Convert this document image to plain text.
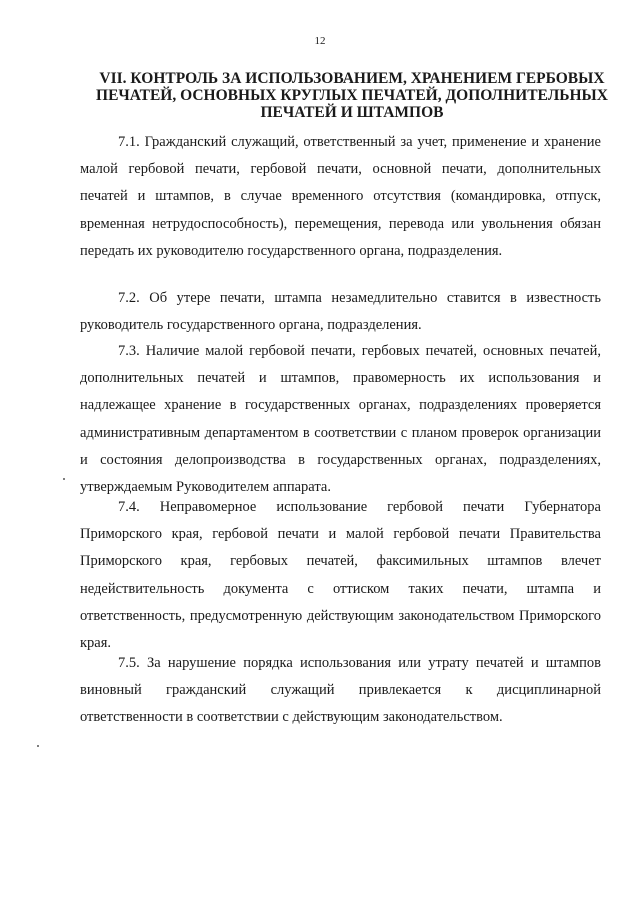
12
VII. КОНТРОЛЬ ЗА ИСПОЛЬЗОВАНИЕМ, ХРАНЕНИЕМ ГЕРБОВЫХ ПЕЧАТЕЙ, ОСНОВНЫХ КРУГЛЫХ ПЕЧАТЕЙ, ДОПОЛНИТЕЛЬНЫХ ПЕЧАТЕЙ И ШТАМПОВ
7.1. Гражданский служащий, ответственный за учет, применение и хранение малой гербовой печати, гербовой печати, основной печати, дополнительных печатей и штампов, в случае временного отсутствия (командировка, отпуск, временная нетрудоспособность), перемещения, перевода или увольнения обязан передать их руководителю государственного органа, подразделения.
7.2. Об утере печати, штампа незамедлительно ставится в известность руководитель государственного органа, подразделения.
7.3. Наличие малой гербовой печати, гербовых печатей, основных печатей, дополнительных печатей и штампов, правомерность их использования и надлежащее хранение в государственных органах, подразделениях проверяется административным департаментом в соответствии с планом проверок организации и состояния делопроизводства в государственных органах, подразделениях, утверждаемым Руководителем аппарата.
7.4. Неправомерное использование гербовой печати Губернатора Приморского края, гербовой печати и малой гербовой печати Правительства Приморского края, гербовых печатей, факсимильных штампов влечет недействительность документа с оттиском таких печати, штампа и ответственность, предусмотренную действующим законодательством Приморского края.
7.5. За нарушение порядка использования или утрату печатей и штампов виновный гражданский служащий привлекается к дисциплинарной ответственности в соответствии с действующим законодательством.
